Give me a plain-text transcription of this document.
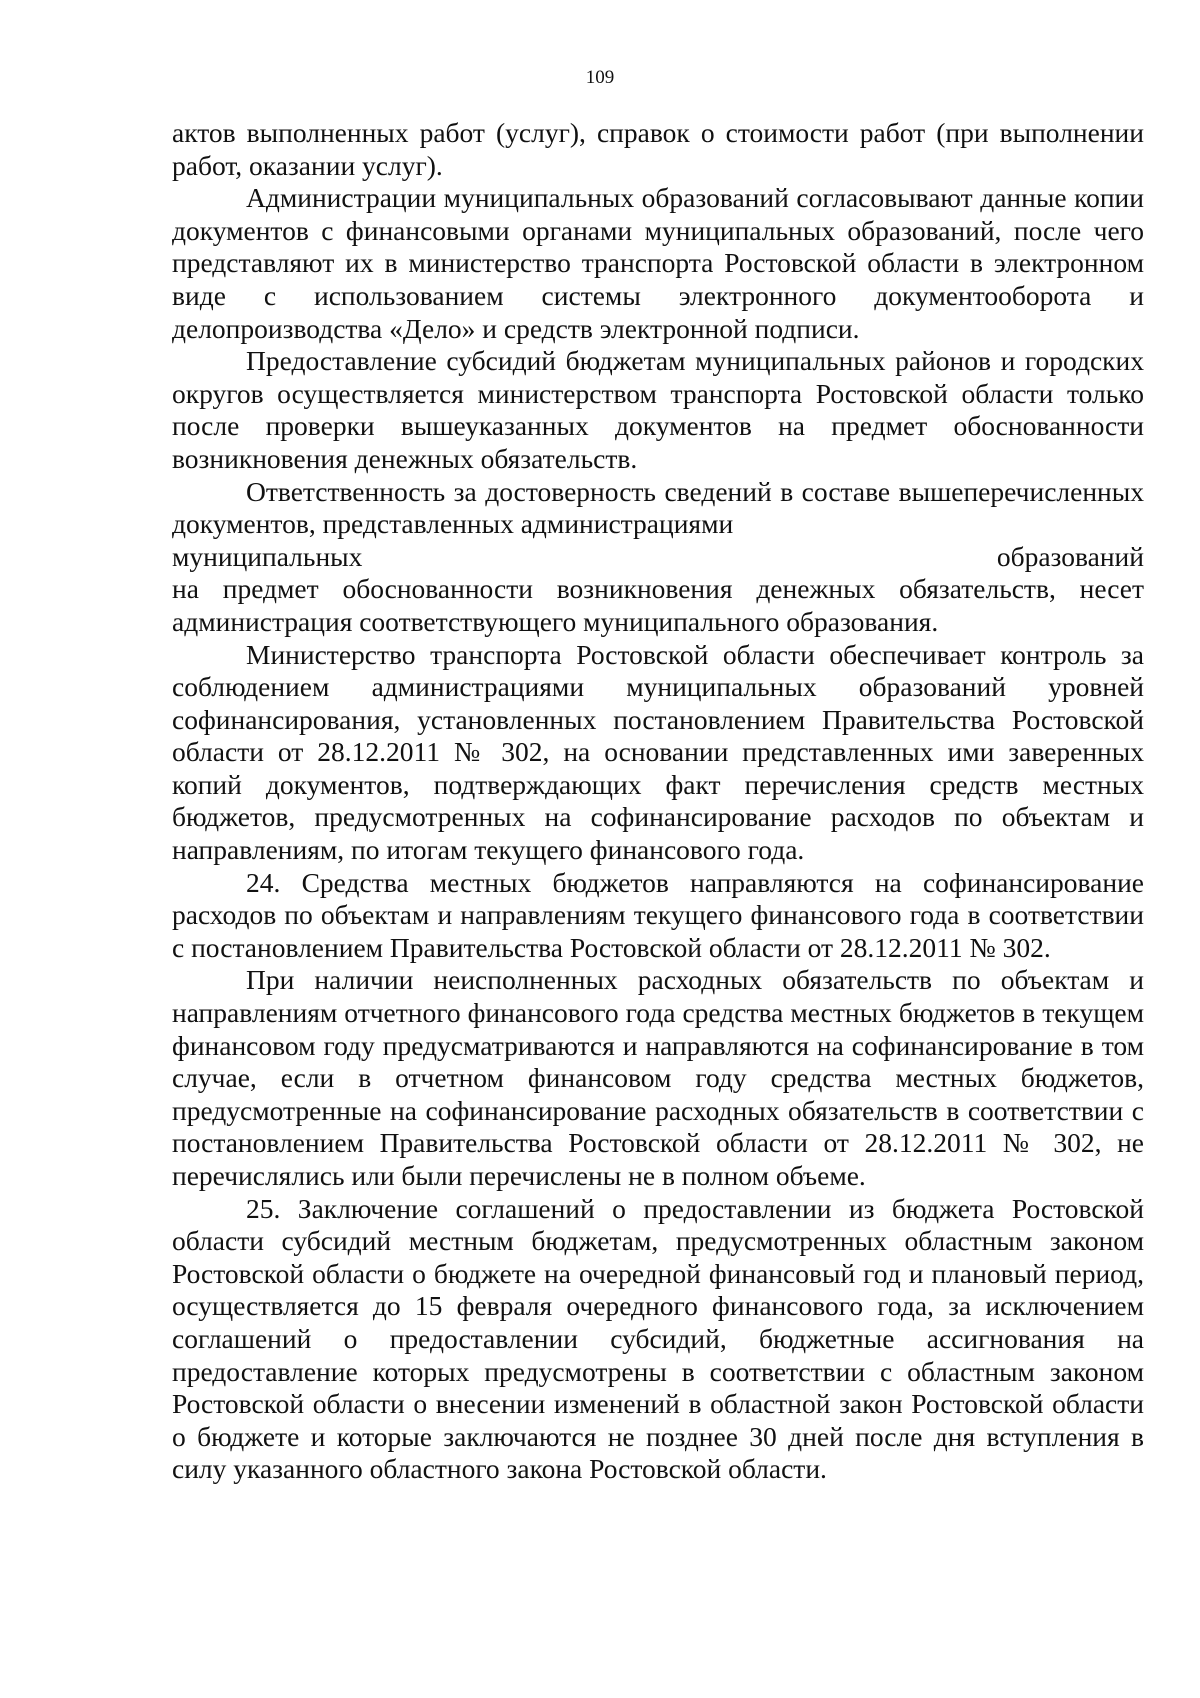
109

актов выполненных работ (услуг), справок о стоимости работ (при выполнении работ, оказании услуг).

Администрации муниципальных образований согласовывают данные копии документов с финансовыми органами муниципальных образований, после чего представляют их в министерство транспорта Ростовской области в электронном виде с использованием системы электронного документооборота и делопроизводства «Дело» и средств электронной подписи.

Предоставление субсидий бюджетам муниципальных районов и городских округов осуществляется министерством транспорта Ростовской области только после проверки вышеуказанных документов на предмет обоснованности возникновения денежных обязательств.

Ответственность за достоверность сведений в составе вышеперечисленных документов, представленных администрациями

муниципальных	образований

на предмет обоснованности возникновения денежных обязательств, несет администрация соответствующего муниципального образования.

Министерство транспорта Ростовской области обеспечивает контроль за соблюдением администрациями муниципальных образований уровней софинансирования, установленных постановлением Правительства Ростовской области от 28.12.2011 № 302, на основании представленных ими заверенных копий документов, подтверждающих факт перечисления средств местных бюджетов, предусмотренных на софинансирование расходов по объектам и направлениям, по итогам текущего финансового года.

24. Средства местных бюджетов направляются на софинансирование расходов по объектам и направлениям текущего финансового года в соответствии с постановлением Правительства Ростовской области от 28.12.2011 № 302.

При наличии неисполненных расходных обязательств по объектам и направлениям отчетного финансового года средства местных бюджетов в текущем финансовом году предусматриваются и направляются на софинансирование в том случае, если в отчетном финансовом году средства местных бюджетов, предусмотренные на софинансирование расходных обязательств в соответствии с постановлением Правительства Ростовской области от 28.12.2011 № 302, не перечислялись или были перечислены не в полном объеме.

25. Заключение соглашений о предоставлении из бюджета Ростовской области субсидий местным бюджетам, предусмотренных областным законом Ростовской области о бюджете на очередной финансовый год и плановый период, осуществляется до 15 февраля очередного финансового года, за исключением соглашений о предоставлении субсидий, бюджетные ассигнования на предоставление которых предусмотрены в соответствии с областным законом Ростовской области о внесении изменений в областной закон Ростовской области о бюджете и которые заключаются не позднее 30 дней после дня вступления в силу указанного областного закона Ростовской области.
